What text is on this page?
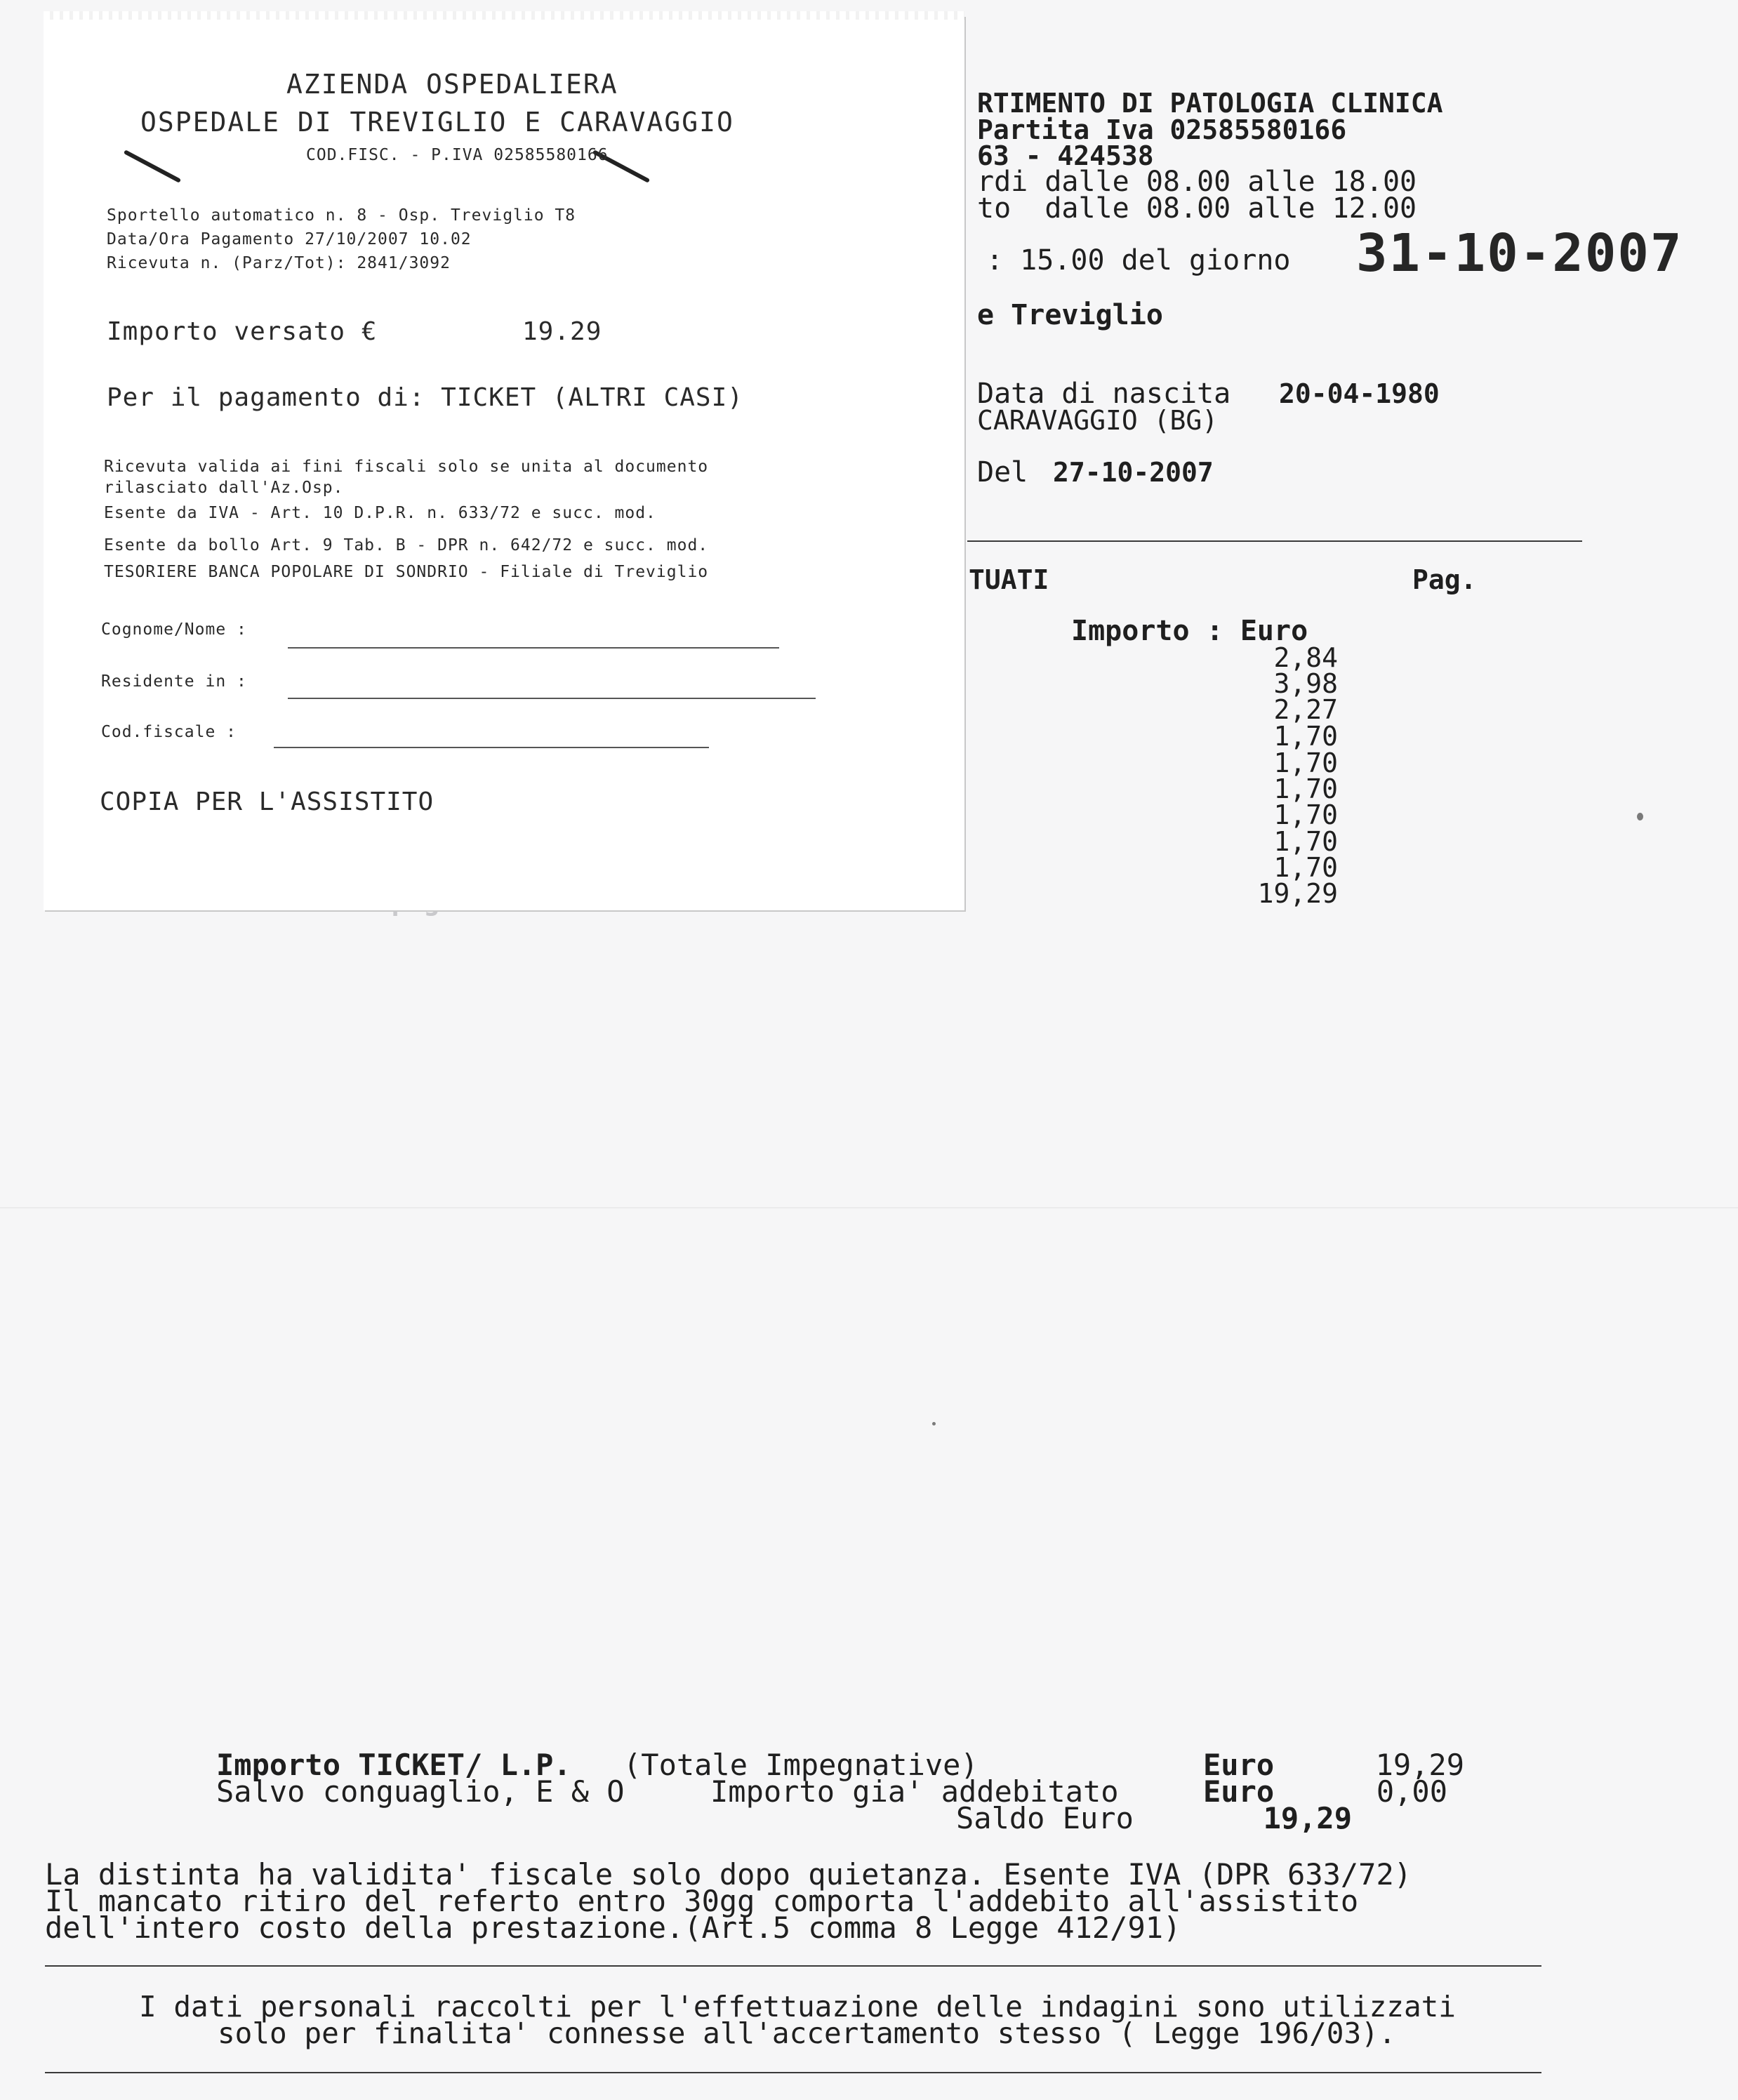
RTIMENTO DI PATOLOGIA CLINICA
Partita Iva 02585580166
63 - 424538
rdi dalle 08.00 alle 18.00
to  dalle 08.00 alle 12.00
: 15.00 del giorno 31-10-2007
e Treviglio
Data di nascita 20-04-1980
CARAVAGGIO (BG)
Del 27-10-2007
TUATI	Pag.
Importo : Euro
2,84
3,98
2,27
1,70
1,70
1,70
1,70
1,70
1,70
19,29
Importo TICKET/ L.P. (Totale Impegnative)	Euro	19,29
Salvo conguaglio, E & O	Importo gia' addebitato	Euro	0,00
Saldo Euro	19,29
La distinta ha validita' fiscale solo dopo quietanza. Esente IVA (DPR 633/72)
Il mancato ritiro del referto entro 30gg comporta l'addebito all'assistito
dell'intero costo della prestazione.(Art.5 comma 8 Legge 412/91)
I dati personali raccolti per l'effettuazione delle indagini sono utilizzati
solo per finalita' connesse all'accertamento stesso ( Legge 196/03).
AZIENDA OSPEDALIERA
OSPEDALE DI TREVIGLIO E CARAVAGGIO
COD.FISC. - P.IVA 02585580166
Sportello automatico n. 8 - Osp. Treviglio T8
Data/Ora Pagamento 27/10/2007 10.02
Ricevuta n. (Parz/Tot): 2841/3092
Importo versato €	19.29
Per il pagamento di: TICKET (ALTRI CASI)
Ricevuta valida ai fini fiscali solo se unita al documento
rilasciato dall'Az.Osp.
Esente da IVA - Art. 10 D.P.R. n. 633/72 e succ. mod.
Esente da bollo Art. 9 Tab. B - DPR n. 642/72 e succ. mod.
TESORIERE BANCA POPOLARE DI SONDRIO - Filiale di Treviglio
Cognome/Nome :
Residente in :
Cod.fiscale :
COPIA PER L'ASSISTITO
